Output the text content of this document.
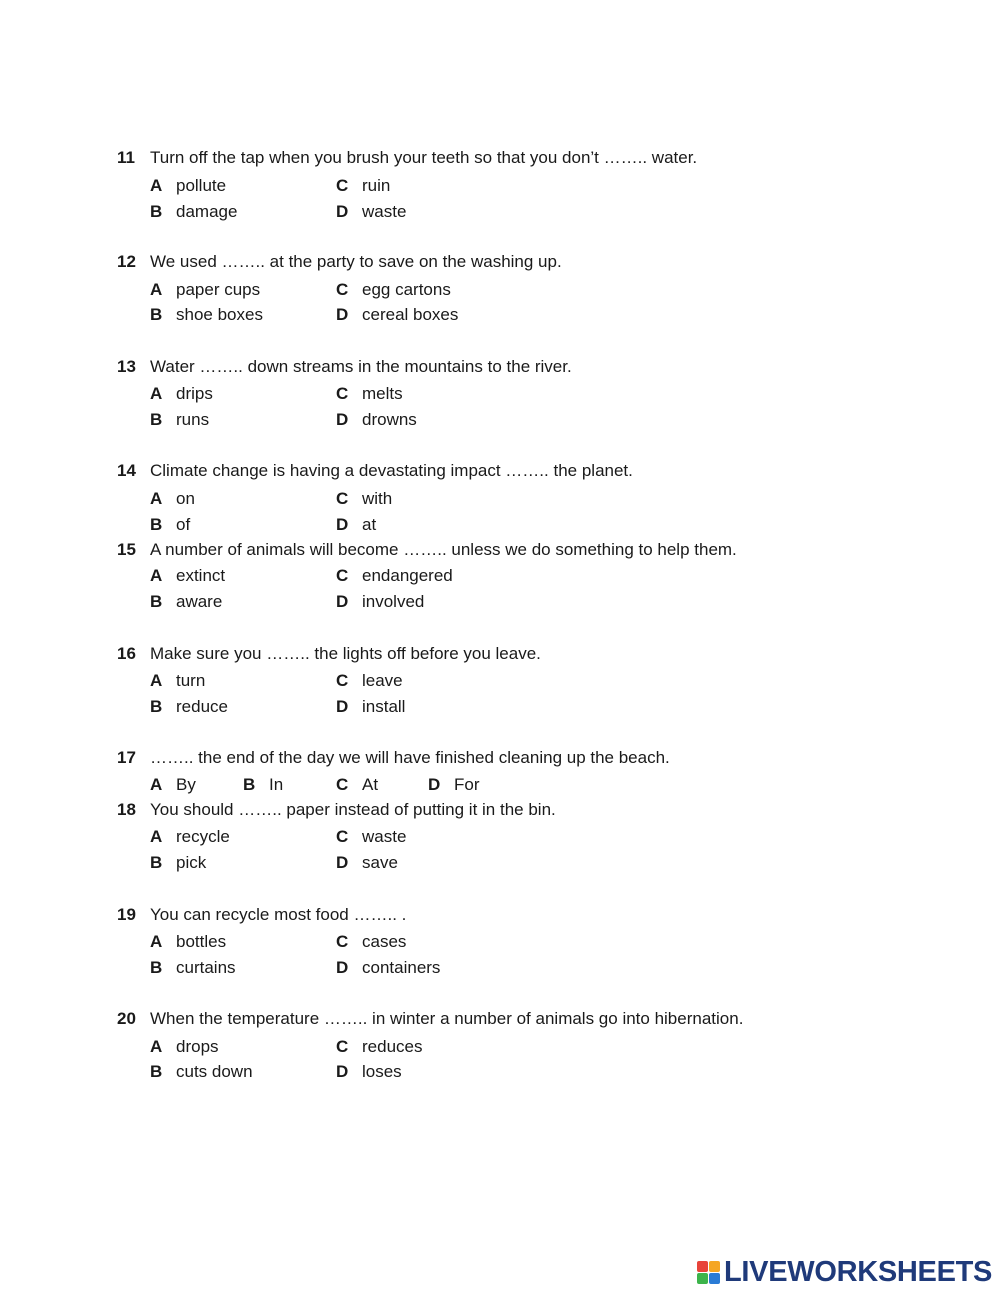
11 Turn off the tap when you brush your teeth so that you don’t …….. water.
A pollute	C ruin
B damage	D waste
12 We used …….. at the party to save on the washing up.
A paper cups	C egg cartons
B shoe boxes	D cereal boxes
13 Water …….. down streams in the mountains to the river.
A drips	C melts
B runs	D drowns
14 Climate change is having a devastating impact …….. the planet.
A on	C with
B of	D at
15 A number of animals will become …….. unless we do something to help them.
A extinct	C endangered
B aware	D involved
16 Make sure you …….. the lights off before you leave.
A turn	C leave
B reduce	D install
17 …….. the end of the day we will have finished cleaning up the beach.
A By	B In	C At	D For
18 You should …….. paper instead of putting it in the bin.
A recycle	C waste
B pick	D save
19 You can recycle most food …….. .
A bottles	C cases
B curtains	D containers
20 When the temperature …….. in winter a number of animals go into hibernation.
A drops	C reduces
B cuts down	D loses
LIVEWORKSHEETS
